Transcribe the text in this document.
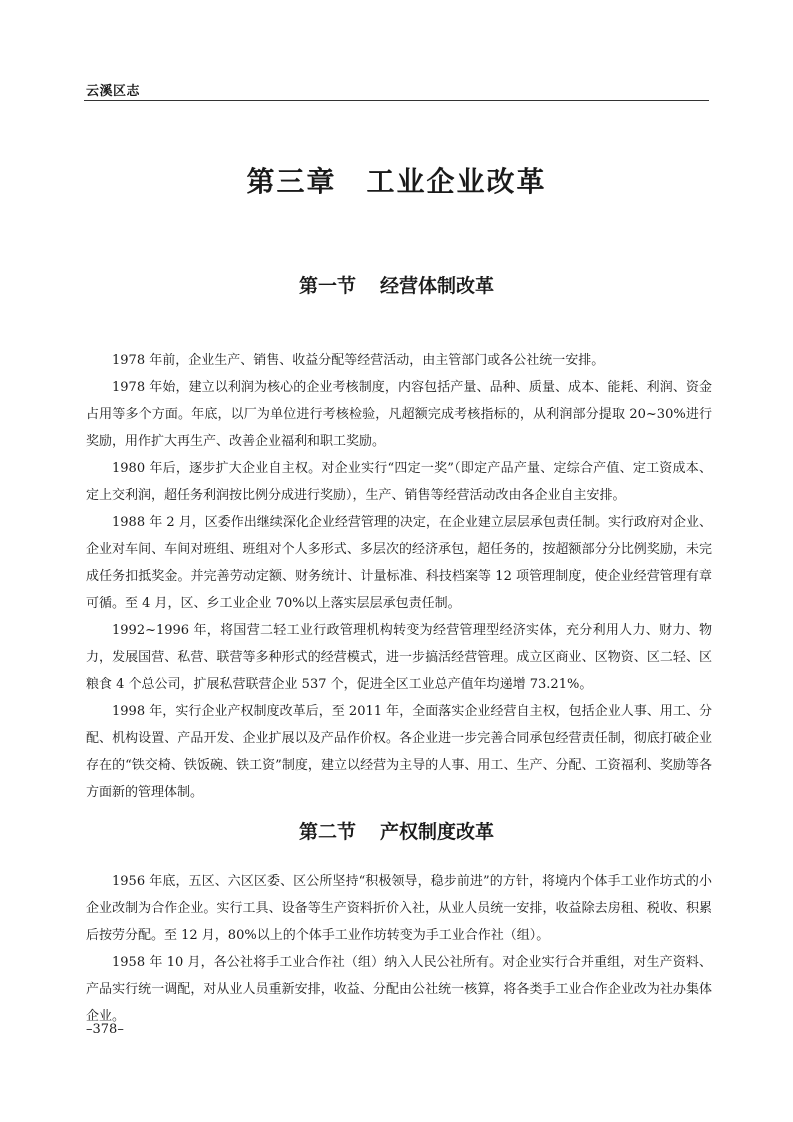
云溪区志
第三章 工业企业改革
第一节 经营体制改革

1978 年前，企业生产、销售、收益分配等经营活动，由主管部门或各公社统一安排。

1978 年始，建立以利润为核心的企业考核制度，内容包括产量、品种、质量、成本、能耗、利润、资金占用等多个方面。年底，以厂为单位进行考核检验，凡超额完成考核指标的，从利润部分提取 20~30%进行奖励，用作扩大再生产、改善企业福利和职工奖励。

1980 年后，逐步扩大企业自主权。对企业实行“四定一奖”（即定产品产量、定综合产值、定工资成本、定上交利润，超任务利润按比例分成进行奖励），生产、销售等经营活动改由各企业自主安排。

1988 年 2 月，区委作出继续深化企业经营管理的决定，在企业建立层层承包责任制。实行政府对企业、企业对车间、车间对班组、班组对个人多形式、多层次的经济承包，超任务的，按超额部分分比例奖励，未完成任务扣抵奖金。并完善劳动定额、财务统计、计量标准、科技档案等 12 项管理制度，使企业经营管理有章可循。至 4 月，区、乡工业企业 70%以上落实层层承包责任制。

1992~1996 年，将国营二轻工业行政管理机构转变为经营管理型经济实体，充分利用人力、财力、物力，发展国营、私营、联营等多种形式的经营模式，进一步搞活经营管理。成立区商业、区物资、区二轻、区粮食 4 个总公司，扩展私营联营企业 537 个，促进全区工业总产值年均递增 73.21%。

1998 年，实行企业产权制度改革后，至 2011 年，全面落实企业经营自主权，包括企业人事、用工、分配、机构设置、产品开发、企业扩展以及产品作价权。各企业进一步完善合同承包经营责任制，彻底打破企业存在的“铁交椅、铁饭碗、铁工资”制度，建立以经营为主导的人事、用工、生产、分配、工资福利、奖励等各方面新的管理体制。

第二节 产权制度改革

1956 年底，五区、六区区委、区公所坚持“积极领导，稳步前进”的方针，将境内个体手工业作坊式的小企业改制为合作企业。实行工具、设备等生产资料折价入社，从业人员统一安排，收益除去房租、税收、积累后按劳分配。至 12 月，80%以上的个体手工业作坊转变为手工业合作社（组）。

1958 年 10 月，各公社将手工业合作社（组）纳入人民公社所有。对企业实行合并重组，对生产资料、产品实行统一调配，对从业人员重新安排，收益、分配由公社统一核算，将各类手工业合作企业改为社办集体企业。

–378–
